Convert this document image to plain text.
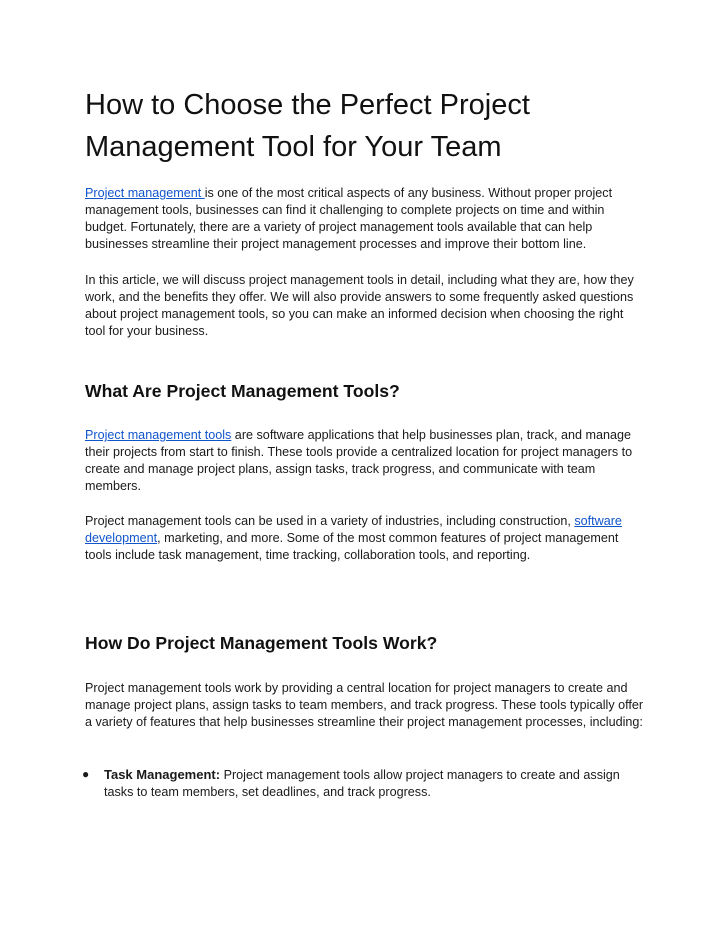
How to Choose the Perfect Project Management Tool for Your Team

Project management is one of the most critical aspects of any business. Without proper project management tools, businesses can find it challenging to complete projects on time and within budget. Fortunately, there are a variety of project management tools available that can help businesses streamline their project management processes and improve their bottom line.

In this article, we will discuss project management tools in detail, including what they are, how they work, and the benefits they offer. We will also provide answers to some frequently asked questions about project management tools, so you can make an informed decision when choosing the right tool for your business.

What Are Project Management Tools?

Project management tools are software applications that help businesses plan, track, and manage their projects from start to finish. These tools provide a centralized location for project managers to create and manage project plans, assign tasks, track progress, and communicate with team members.

Project management tools can be used in a variety of industries, including construction, software development, marketing, and more. Some of the most common features of project management tools include task management, time tracking, collaboration tools, and reporting.

How Do Project Management Tools Work?

Project management tools work by providing a central location for project managers to create and manage project plans, assign tasks to team members, and track progress. These tools typically offer a variety of features that help businesses streamline their project management processes, including:

● Task Management: Project management tools allow project managers to create and assign tasks to team members, set deadlines, and track progress.
